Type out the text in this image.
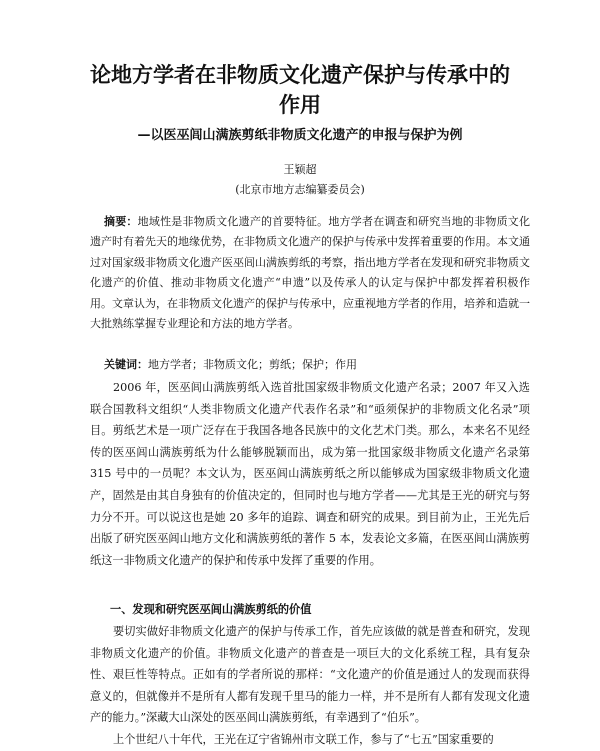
论地方学者在非物质文化遗产保护与传承中的
作用
—以医巫闾山满族剪纸非物质文化遗产的申报与保护为例
王颖超
(北京市地方志编纂委员会)

摘要：地域性是非物质文化遗产的首要特征。地方学者在调查和研究当地的非物质文化遗产时有着先天的地缘优势，在非物质文化遗产的保护与传承中发挥着重要的作用。本文通过对国家级非物质文化遗产医巫闾山满族剪纸的考察，指出地方学者在发现和研究非物质文化遗产的价值、推动非物质文化遗产“申遗”以及传承人的认定与保护中都发挥着积极作用。文章认为，在非物质文化遗产的保护与传承中，应重视地方学者的作用，培养和造就一大批熟练掌握专业理论和方法的地方学者。

关键词：地方学者；非物质文化；剪纸；保护；作用

2006 年，医巫闾山满族剪纸入选首批国家级非物质文化遗产名录；2007 年又入选联合国教科文组织“人类非物质文化遗产代表作名录”和“亟须保护的非物质文化名录”项目。剪纸艺术是一项广泛存在于我国各地各民族中的文化艺术门类。那么，本来名不见经传的医巫闾山满族剪纸为什么能够脱颖而出，成为第一批国家级非物质文化遗产名录第 315 号中的一员呢？本文认为，医巫闾山满族剪纸之所以能够成为国家级非物质文化遗产，固然是由其自身独有的价值决定的，但同时也与地方学者——尤其是王光的研究与努力分不开。可以说这也是她 20 多年的追踪、调查和研究的成果。到目前为止，王光先后出版了研究医巫闾山地方文化和满族剪纸的著作 5 本，发表论文多篇，在医巫闾山满族剪纸这一非物质文化遗产的保护和传承中发挥了重要的作用。

一、发现和研究医巫闾山满族剪纸的价值

要切实做好非物质文化遗产的保护与传承工作，首先应该做的就是普查和研究，发现非物质文化遗产的价值。非物质文化遗产的普查是一项巨大的文化系统工程，具有复杂性、艰巨性等特点。正如有的学者所说的那样：“文化遗产的价值是通过人的发现而获得意义的，但就像并不是所有人都有发现千里马的能力一样，并不是所有人都有发现文化遗产的能力。”深藏大山深处的医巫闾山满族剪纸，有幸遇到了“伯乐”。

上个世纪八十年代，王光在辽宁省锦州市文联工作，参与了“七五”国家重要的
